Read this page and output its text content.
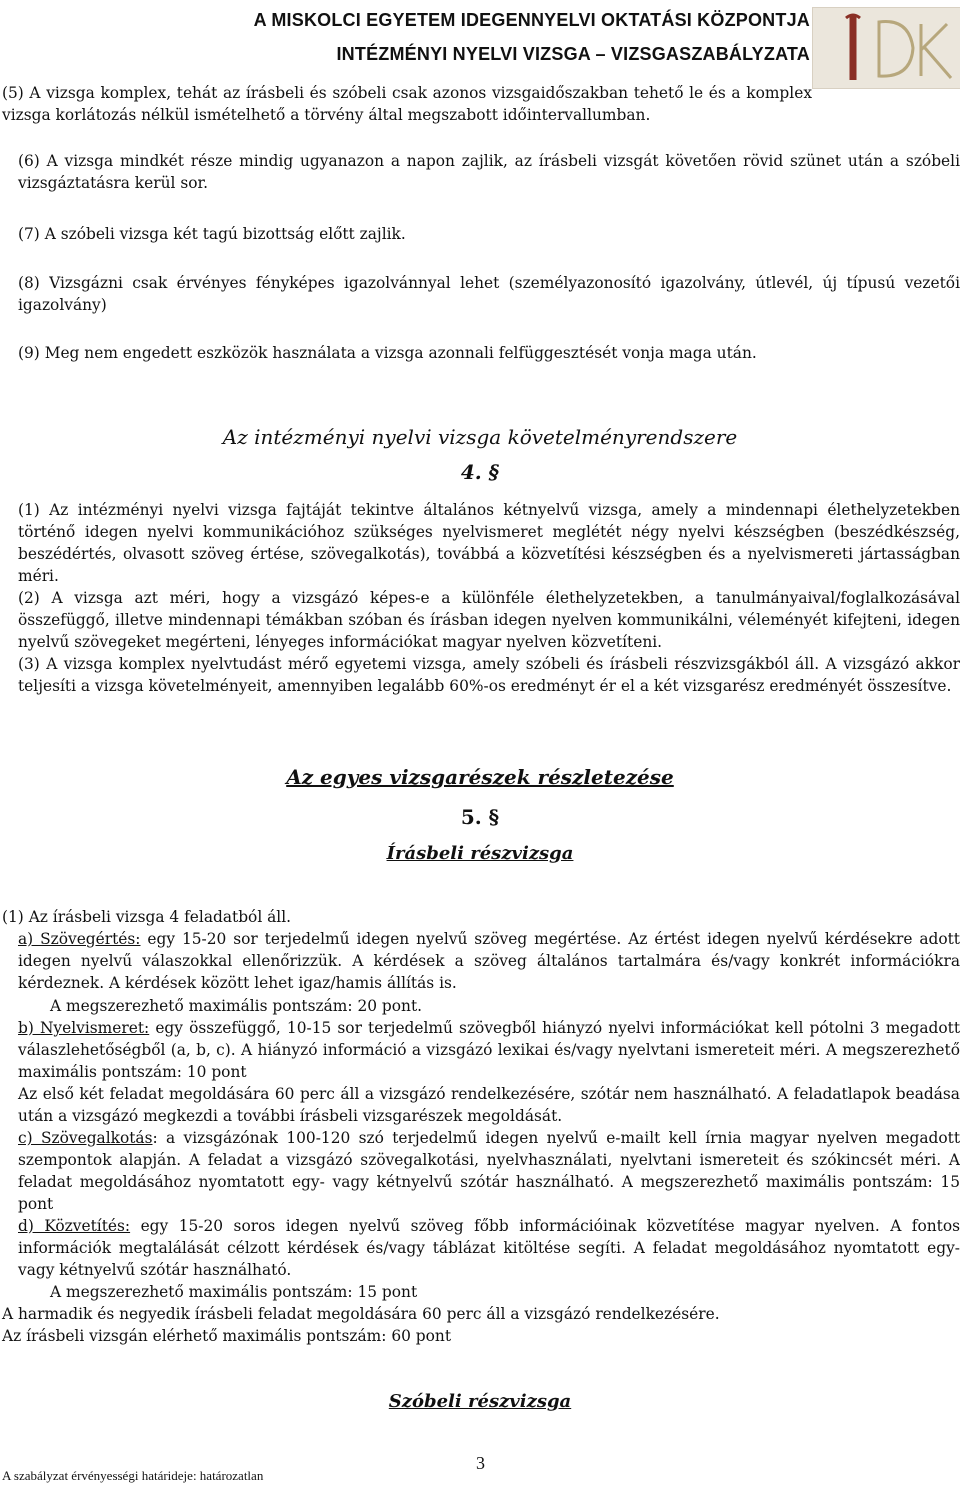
A MISKOLCI EGYETEM IDEGENNYELVI OKTATÁSI KÖZPONTJA
INTÉZMÉNYI NYELVI VIZSGA – VIZSGASZABÁLYZATA
(5) A vizsga komplex, tehát az írásbeli és szóbeli csak azonos vizsgaidőszakban tehető le és a komplex vizsga korlátozás nélkül ismételhető a törvény által megszabott időintervallumban.
(6) A vizsga mindkét része mindig ugyanazon a napon zajlik, az írásbeli vizsgát követően rövid szünet után a szóbeli vizsgáztatásra kerül sor.
(7) A szóbeli vizsga két tagú bizottság előtt zajlik.
(8) Vizsgázni csak érvényes fényképes igazolvánnyal lehet (személyazonosító igazolvány, útlevél, új típusú vezetői igazolvány)
(9) Meg nem engedett eszközök használata a vizsga azonnali felfüggesztését vonja maga után.
Az intézményi nyelvi vizsga követelményrendszere
4. §
(1) Az intézményi nyelvi vizsga fajtáját tekintve általános kétnyelvű vizsga, amely a mindennapi élethelyzetekben történő idegen nyelvi kommunikációhoz szükséges nyelvismeret meglétét négy nyelvi készségben (beszédkészség, beszédértés, olvasott szöveg értése, szövegalkotás), továbbá a közvetítési készségben és a nyelvismereti jártasságban méri.
(2) A vizsga azt méri, hogy a vizsgázó képes-e a különféle élethelyzetekben, a tanulmányaival/foglalkozásával összefüggő, illetve mindennapi témákban szóban és írásban idegen nyelven kommunikálni, véleményét kifejteni, idegen nyelvű szövegeket megérteni, lényeges információkat magyar nyelven közvetíteni.
(3) A vizsga komplex nyelvtudást mérő egyetemi vizsga, amely szóbeli és írásbeli részvizsgákból áll. A vizsgázó akkor teljesíti a vizsga követelményeit, amennyiben legalább 60%-os eredményt ér el a két vizsgarész eredményét összesítve.
Az egyes vizsgarészek részletezése
5. §
Írásbeli részvizsga
(1) Az írásbeli vizsga 4 feladatból áll.
a) Szövegértés: egy 15-20 sor terjedelmű idegen nyelvű szöveg megértése. Az értést idegen nyelvű kérdésekre adott idegen nyelvű válaszokkal ellenőrizzük. A kérdések a szöveg általános tartalmára és/vagy konkrét információkra kérdeznek. A kérdések között lehet igaz/hamis állítás is.
A megszerezhető maximális pontszám: 20 pont.
b) Nyelvismeret: egy összefüggő, 10-15 sor terjedelmű szövegből hiányzó nyelvi információkat kell pótolni 3 megadott válaszlehetőségből (a, b, c). A hiányzó információ a vizsgázó lexikai és/vagy nyelvtani ismereteit méri. A megszerezhető maximális pontszám: 10 pont
Az első két feladat megoldására 60 perc áll a vizsgázó rendelkezésére, szótár nem használható. A feladatlapok beadása után a vizsgázó megkezdi a további írásbeli vizsgarészek megoldását.
c) Szövegalkotás: a vizsgázónak 100-120 szó terjedelmű idegen nyelvű e-mailt kell írnia magyar nyelven megadott szempontok alapján. A feladat a vizsgázó szövegalkotási, nyelvhasználati, nyelvtani ismereteit és szókincsét méri. A feladat megoldásához nyomtatott egy- vagy kétnyelvű szótár használható. A megszerezhető maximális pontszám: 15 pont
d) Közvetítés: egy 15-20 soros idegen nyelvű szöveg főbb információinak közvetítése magyar nyelven. A fontos információk megtalálását célzott kérdések és/vagy táblázat kitöltése segíti. A feladat megoldásához nyomtatott egy- vagy kétnyelvű szótár használható.
A megszerezhető maximális pontszám: 15 pont
A harmadik és negyedik írásbeli feladat megoldására 60 perc áll a vizsgázó rendelkezésére.
Az írásbeli vizsgán elérhető maximális pontszám: 60 pont
Szóbeli részvizsga
3
A szabályzat érvényességi határideje: határozatlan
